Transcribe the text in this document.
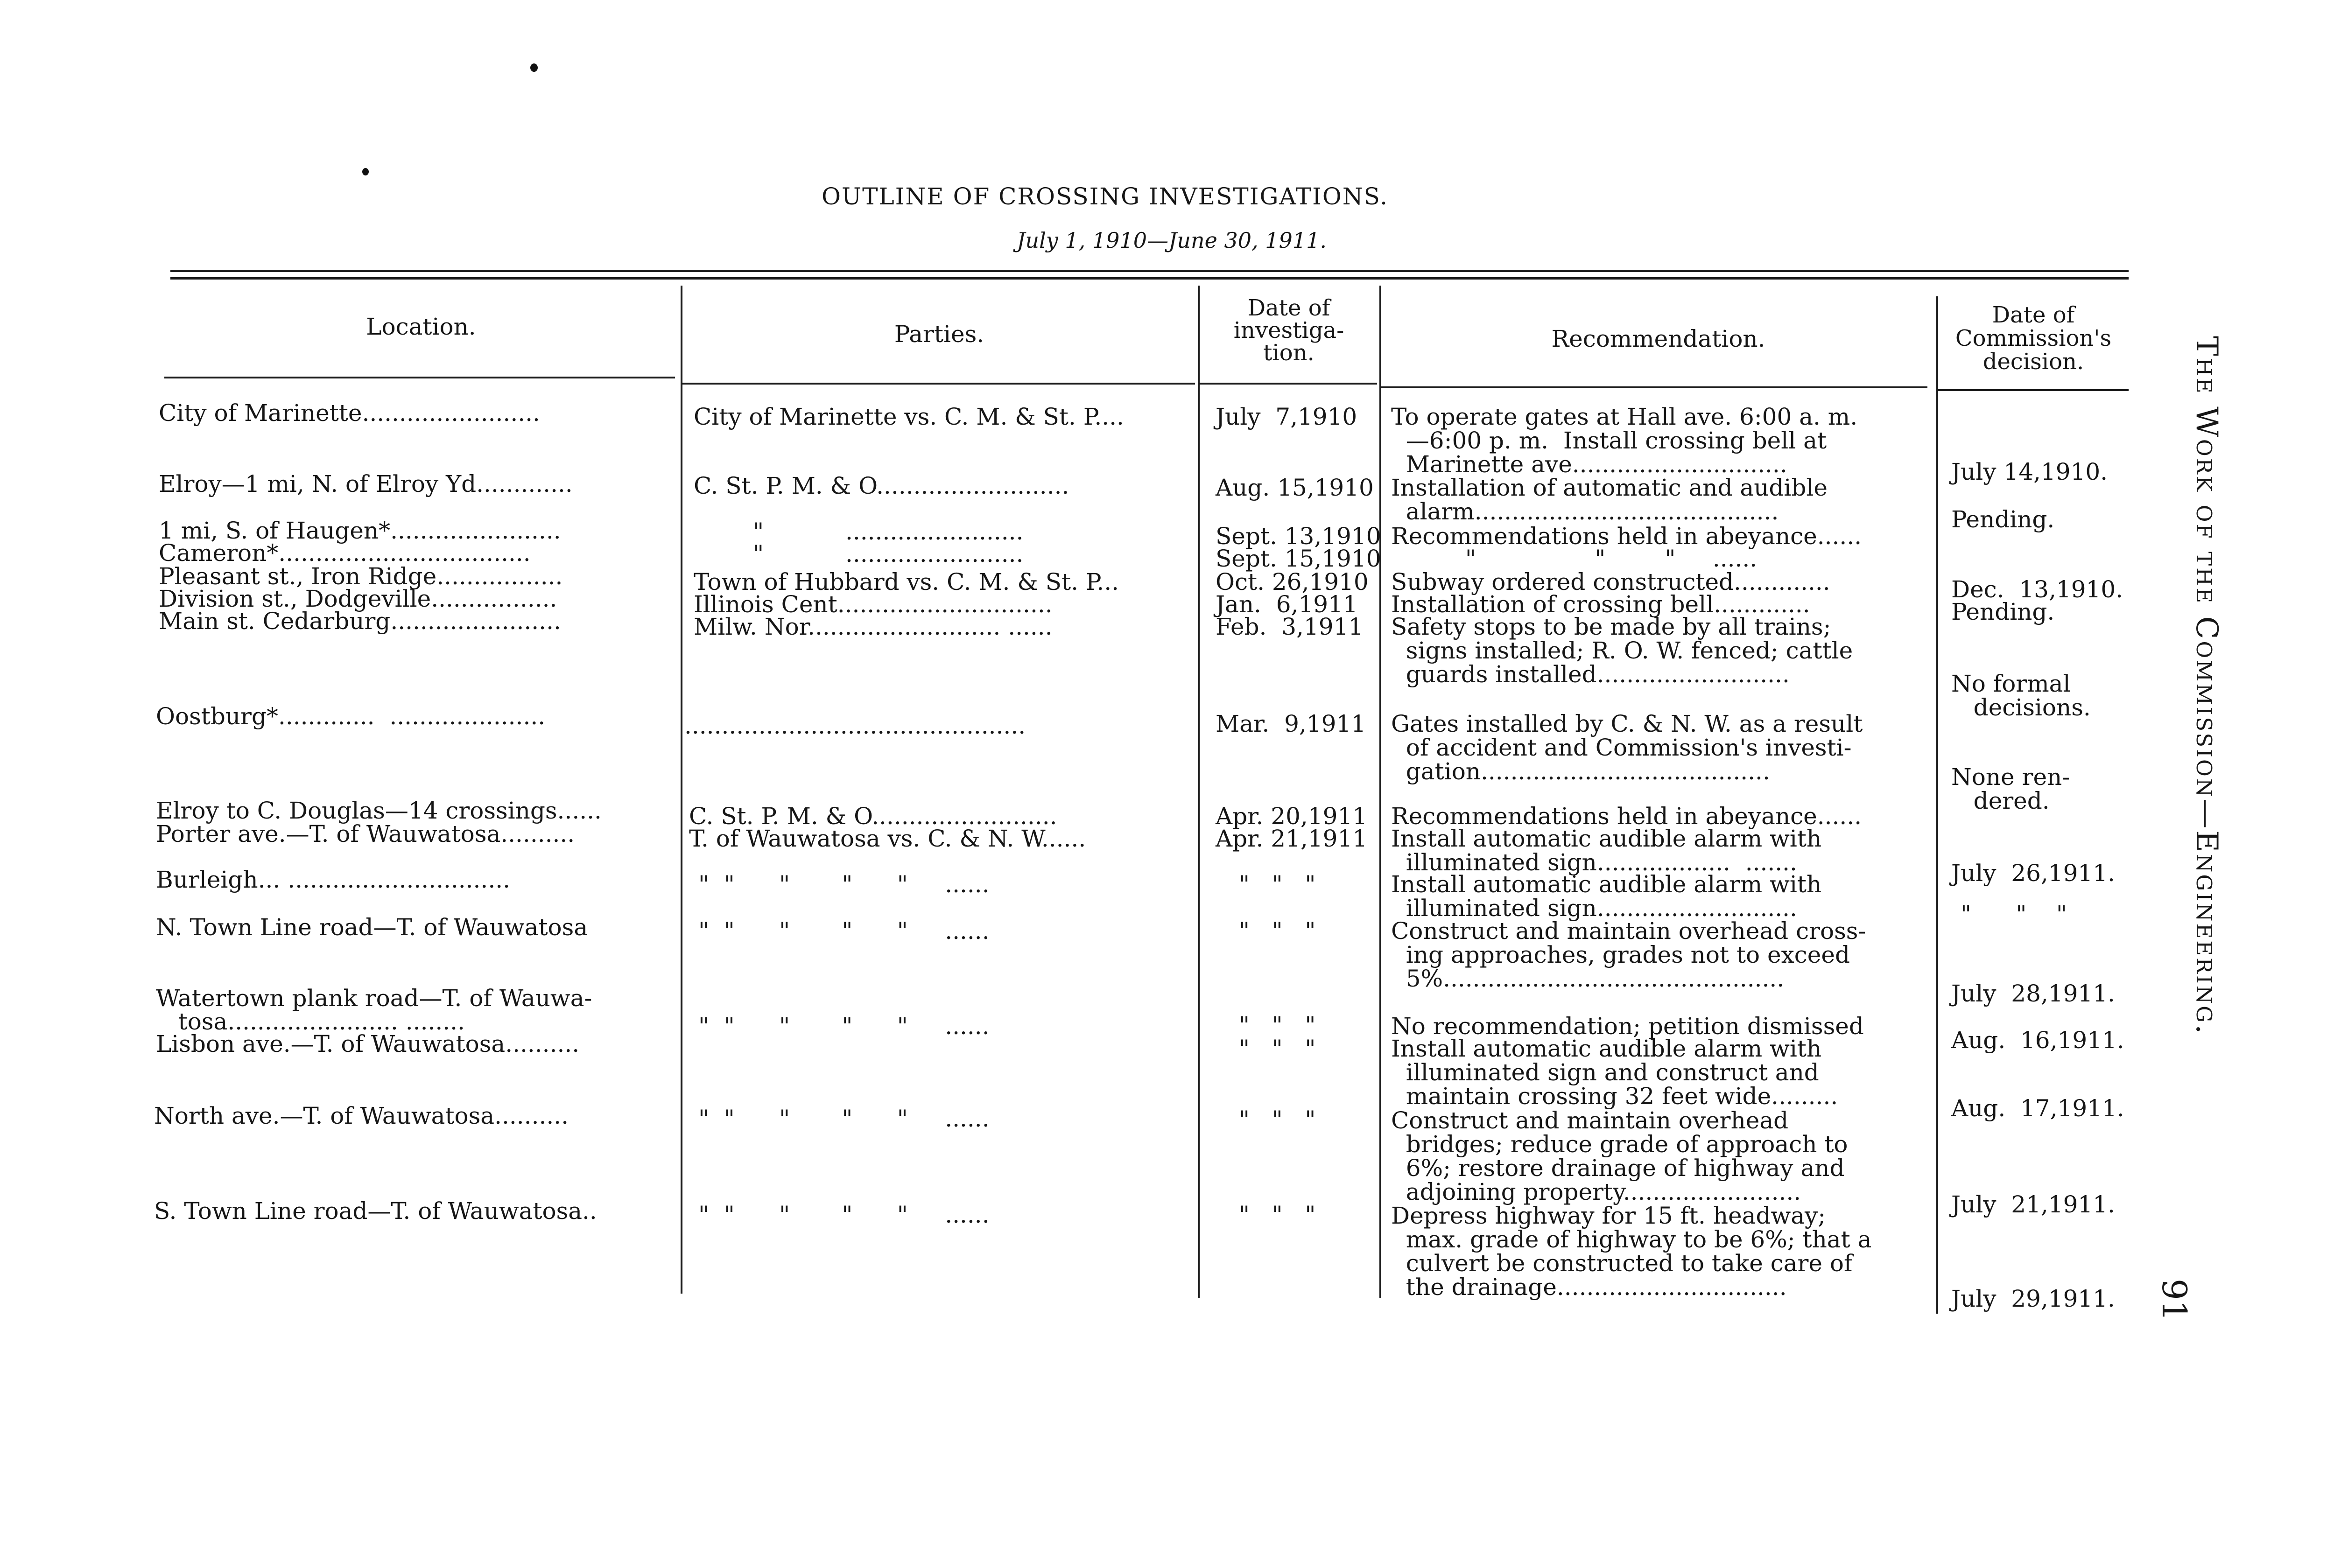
OUTLINE OF CROSSING INVESTIGATIONS.
July 1, 1910—June 30, 1911.
Location.	Parties.
Date of
investiga-
tion.
Recommendation.
Date of
Commission's
decision.
City of Marinette........................
Elroy—1 mi, N. of Elroy Yd.............
1 mi, S. of Haugen*.......................
Cameron*..................................
Pleasant st., Iron Ridge.................
Division st., Dodgeville.................
Main st. Cedarburg.......................
Oostburg*.............  .....................
Elroy to C. Douglas—14 crossings......
Porter ave.—T. of Wauwatosa..........
Burleigh... ..............................
N. Town Line road—T. of Wauwatosa
Watertown plank road—T. of Wauwa-
tosa....................... ........
Lisbon ave.—T. of Wauwatosa..........
North ave.—T. of Wauwatosa..........
S. Town Line road—T. of Wauwatosa..
City of Marinette vs. C. M. & St. P....
C. St. P. M. & O..........................
"           ........................
"           ........................
Town of Hubbard vs. C. M. & St. P...
Illinois Cent.............................
Milw. Nor.......................... ......
..............................................
C. St. P. M. & O.........................
T. of Wauwatosa vs. C. & N. W......
"  "      "       "      "     ......
"  "      "       "      "     ......
"  "      "       "      "     ......
"  "      "       "      "     ......
"  "      "       "      "     ......
July  7,1910
Aug. 15,1910
Sept. 13,1910
Sept. 15,1910
Oct. 26,1910
Jan.  6,1911
Feb.  3,1911
Mar.  9,1911
Apr. 20,1911
Apr. 21,1911
"   "   "
"   "   "
"   "   "
"   "   "
"   "   "
"   "   "
To operate gates at Hall ave. 6:00 a. m.
—6:00 p. m.  Install crossing bell at
Marinette ave.............................
Installation of automatic and audible
alarm.........................................
Recommendations held in abeyance......
"                "        "     ......
Subway ordered constructed.............
Installation of crossing bell.............
Safety stops to be made by all trains;
signs installed; R. O. W. fenced; cattle
guards installed..........................
Gates installed by C. & N. W. as a result
of accident and Commission's investi-
gation.......................................
Recommendations held in abeyance......
Install automatic audible alarm with
illuminated sign..................  .......
Install automatic audible alarm with
illuminated sign...........................
Construct and maintain overhead cross-
ing approaches, grades not to exceed
5%..............................................
No recommendation; petition dismissed
Install automatic audible alarm with
illuminated sign and construct and
maintain crossing 32 feet wide.........
Construct and maintain overhead
bridges; reduce grade of approach to
6%; restore drainage of highway and
adjoining property........................
Depress highway for 15 ft. headway;
max. grade of highway to be 6%; that a
culvert be constructed to take care of
the drainage...............................
July 14,1910.
Pending.
Dec.  13,1910.
Pending.
No formal
decisions.
None ren-
dered.
July  26,1911.
"      "    "
July  28,1911.
Aug.  16,1911.
Aug.  17,1911.
July  21,1911.
July  29,1911.
The Work of the Commission—Engineering.
91
